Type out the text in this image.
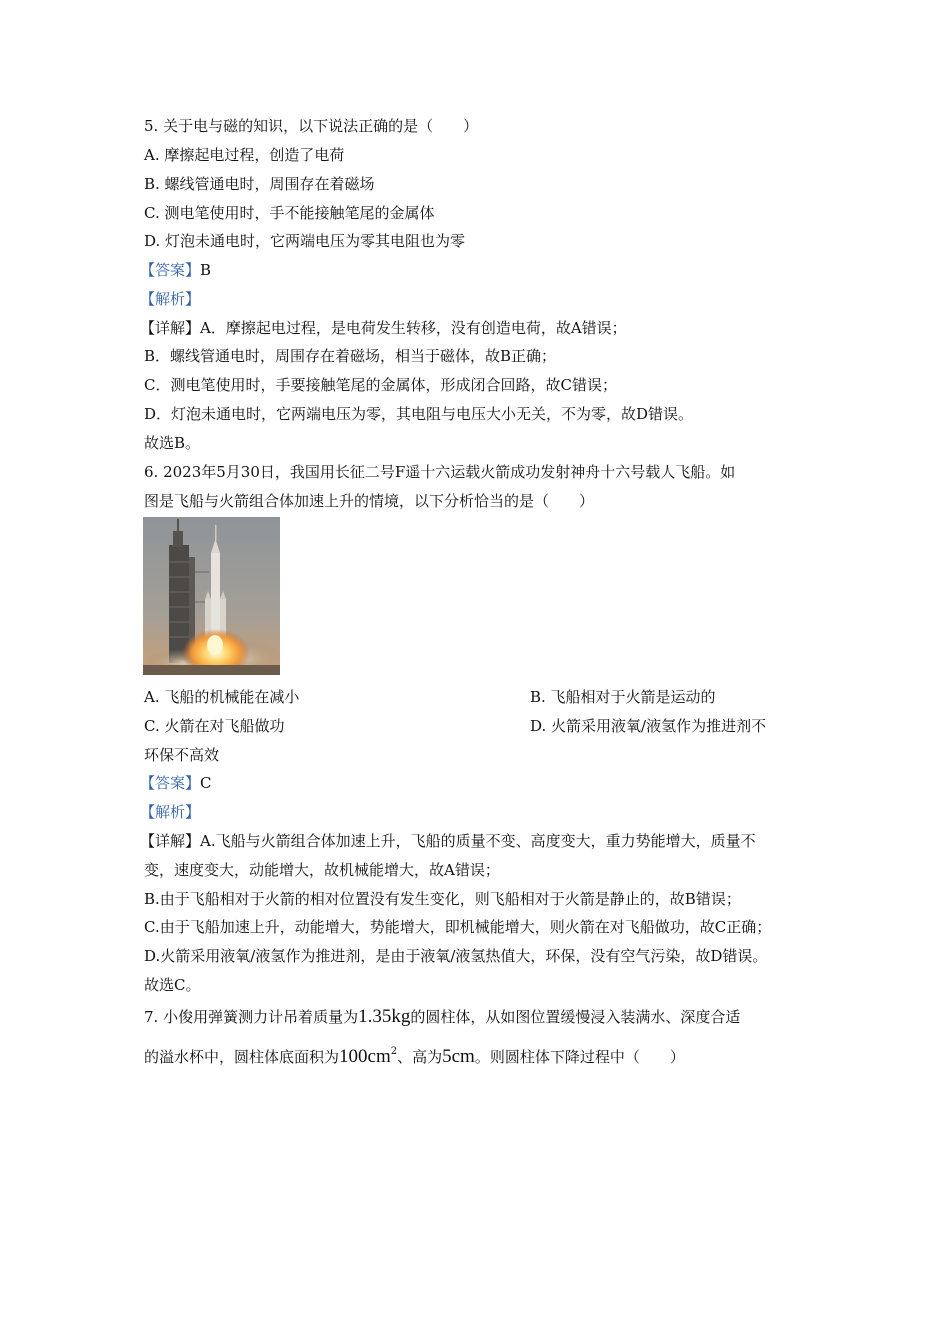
5. 关于电与磁的知识，以下说法正确的是（　　）
A. 摩擦起电过程，创造了电荷
B. 螺线管通电时，周围存在着磁场
C. 测电笔使用时，手不能接触笔尾的金属体
D. 灯泡未通电时，它两端电压为零其电阻也为零
【答案】B
【解析】
【详解】A．摩擦起电过程，是电荷发生转移，没有创造电荷，故A错误；
B．螺线管通电时，周围存在着磁场，相当于磁体，故B正确；
C．测电笔使用时，手要接触笔尾的金属体，形成闭合回路，故C错误；
D．灯泡未通电时，它两端电压为零，其电阻与电压大小无关，不为零，故D错误。
故选B。
6. 2023年5月30日，我国用长征二号F遥十六运载火箭成功发射神舟十六号载人飞船。如
图是飞船与火箭组合体加速上升的情境，以下分析恰当的是（　　）
A. 飞船的机械能在减小	B. 飞船相对于火箭是运动的
C. 火箭在对飞船做功	D. 火箭采用液氧/液氢作为推进剂不
环保不高效
【答案】C
【解析】
【详解】A.飞船与火箭组合体加速上升，飞船的质量不变、高度变大，重力势能增大，质量不
变，速度变大，动能增大，故机械能增大，故A错误；
B.由于飞船相对于火箭的相对位置没有发生变化，则飞船相对于火箭是静止的，故B错误；
C.由于飞船加速上升，动能增大，势能增大，即机械能增大，则火箭在对飞船做功，故C正确；
D.火箭采用液氧/液氢作为推进剂，是由于液氧/液氢热值大，环保，没有空气污染，故D错误。
故选C。
7. 小俊用弹簧测力计吊着质量为1.35kg的圆柱体，从如图位置缓慢浸入装满水、深度合适
的溢水杯中，圆柱体底面积为$100cm^2$、高为5cm。则圆柱体下降过程中（　　）
